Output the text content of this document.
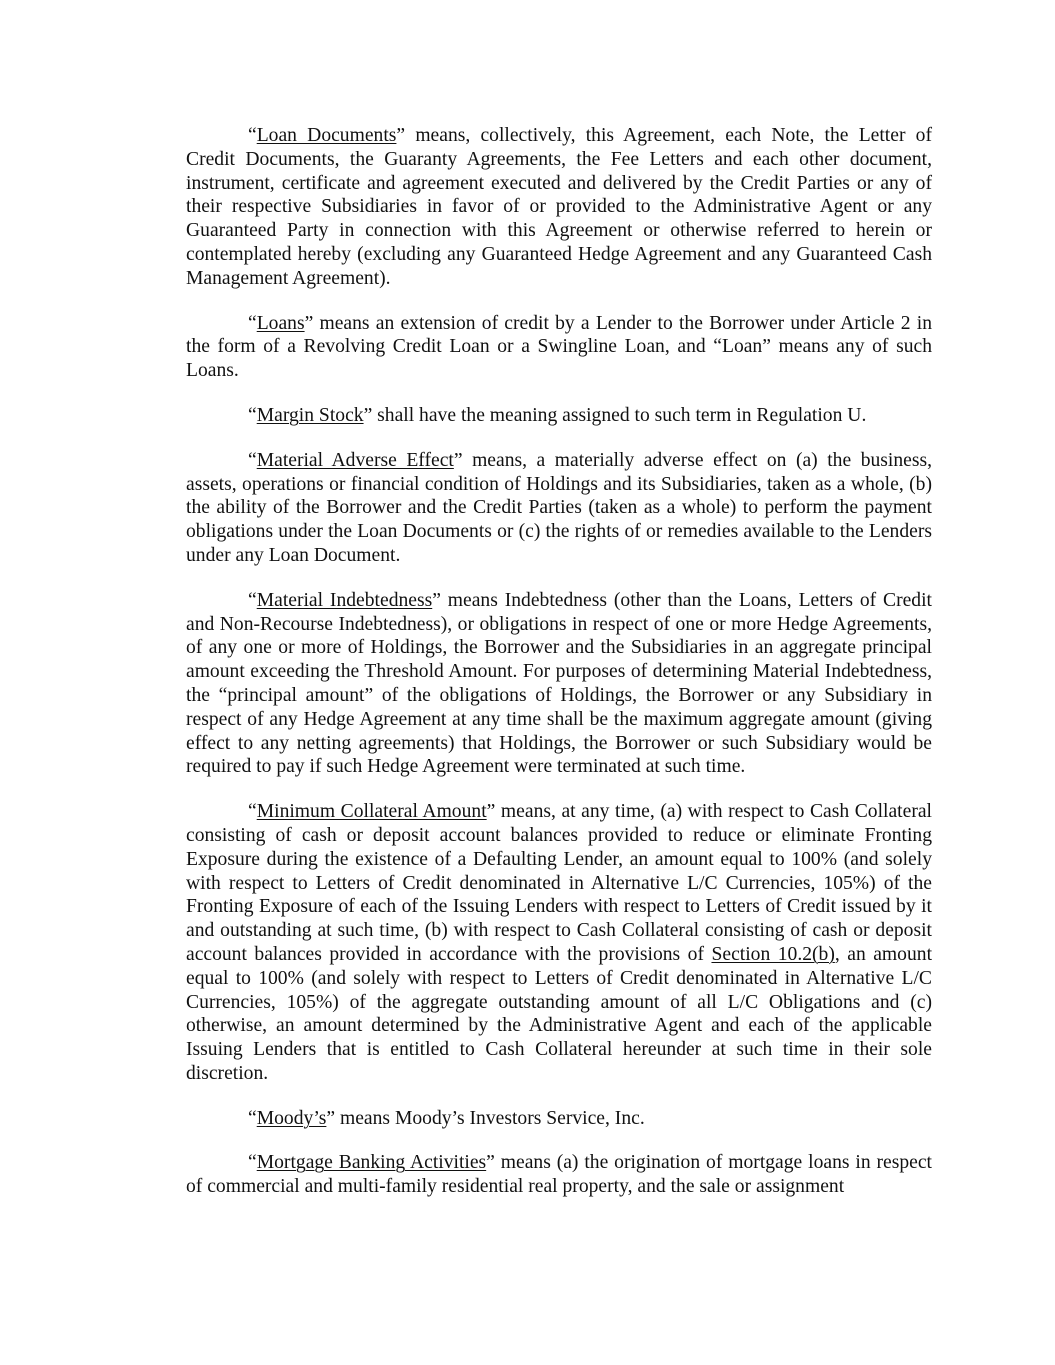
“Loan Documents” means, collectively, this Agreement, each Note, the Letter of Credit Documents, the Guaranty Agreements, the Fee Letters and each other document, instrument, certificate and agreement executed and delivered by the Credit Parties or any of their respective Subsidiaries in favor of or provided to the Administrative Agent or any Guaranteed Party in connection with this Agreement or otherwise referred to herein or contemplated hereby (excluding any Guaranteed Hedge Agreement and any Guaranteed Cash Management Agreement).

“Loans” means an extension of credit by a Lender to the Borrower under Article 2 in the form of a Revolving Credit Loan or a Swingline Loan, and “Loan” means any of such Loans.

“Margin Stock” shall have the meaning assigned to such term in Regulation U.

“Material Adverse Effect” means, a materially adverse effect on (a) the business, assets, operations or financial condition of Holdings and its Subsidiaries, taken as a whole, (b) the ability of the Borrower and the Credit Parties (taken as a whole) to perform the payment obligations under the Loan Documents or (c) the rights of or remedies available to the Lenders under any Loan Document.

“Material Indebtedness” means Indebtedness (other than the Loans, Letters of Credit and Non-Recourse Indebtedness), or obligations in respect of one or more Hedge Agreements, of any one or more of Holdings, the Borrower and the Subsidiaries in an aggregate principal amount exceeding the Threshold Amount. For purposes of determining Material Indebtedness, the “principal amount” of the obligations of Holdings, the Borrower or any Subsidiary in respect of any Hedge Agreement at any time shall be the maximum aggregate amount (giving effect to any netting agreements) that Holdings, the Borrower or such Subsidiary would be required to pay if such Hedge Agreement were terminated at such time.

“Minimum Collateral Amount” means, at any time, (a) with respect to Cash Collateral consisting of cash or deposit account balances provided to reduce or eliminate Fronting Exposure during the existence of a Defaulting Lender, an amount equal to 100% (and solely with respect to Letters of Credit denominated in Alternative L/C Currencies, 105%) of the Fronting Exposure of each of the Issuing Lenders with respect to Letters of Credit issued by it and outstanding at such time, (b) with respect to Cash Collateral consisting of cash or deposit account balances provided in accordance with the provisions of Section 10.2(b), an amount equal to 100% (and solely with respect to Letters of Credit denominated in Alternative L/C Currencies, 105%) of the aggregate outstanding amount of all L/C Obligations and (c) otherwise, an amount determined by the Administrative Agent and each of the applicable Issuing Lenders that is entitled to Cash Collateral hereunder at such time in their sole discretion.

“Moody’s” means Moody’s Investors Service, Inc.

“Mortgage Banking Activities” means (a) the origination of mortgage loans in respect of commercial and multi-family residential real property, and the sale or assignment
